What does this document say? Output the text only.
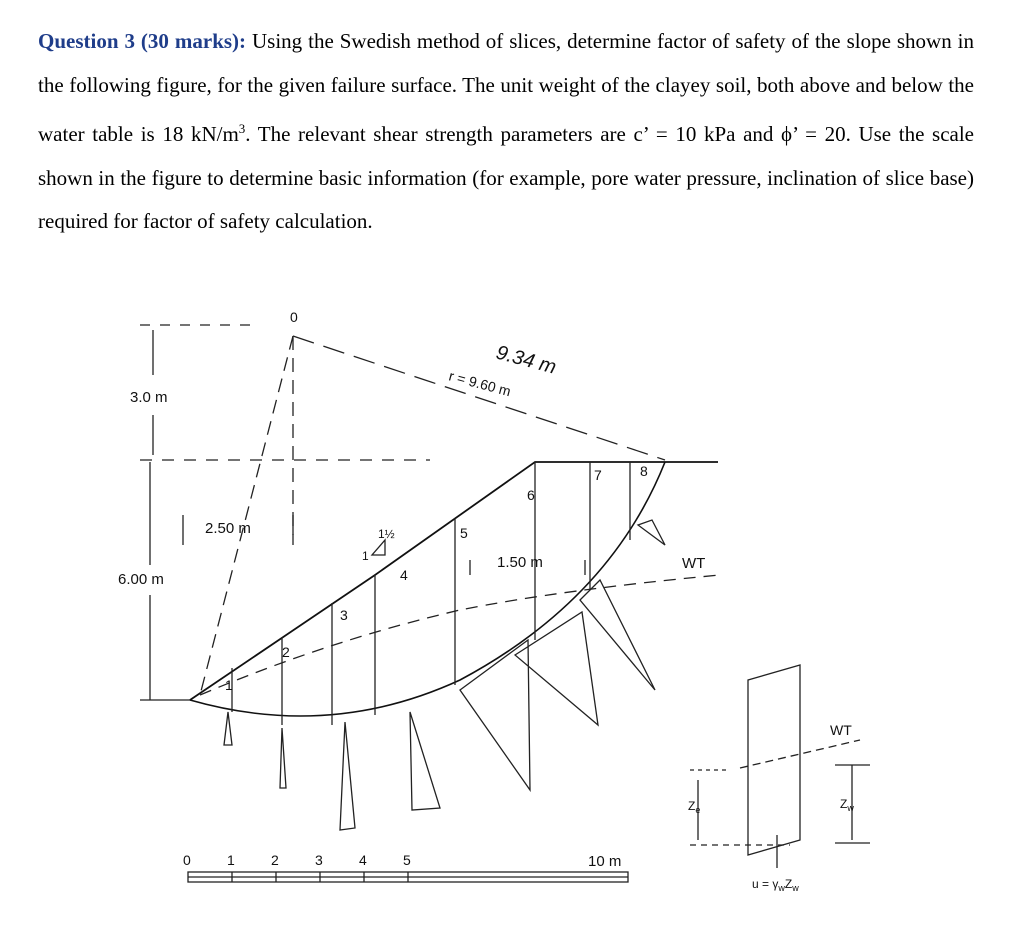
Question 3 (30 marks): Using the Swedish method of slices, determine factor of safety of the slope shown in the following figure, for the given failure surface. The unit weight of the clayey soil, both above and below the water table is 18 $kN/m^3$. The relevant shear strength parameters are c’ = 10 kPa and ϕ’ = 20. Use the scale shown in the figure to determine basic information (for example, pore water pressure, inclination of slice base) required for factor of safety calculation.
0
3.0 m
6.00 m
2.50 m
1.50 m
9.34 m
r = 9.60 m
WT
1½
1
1
2
3
4
5
6
7	8
0	1	2	3	4	5	10 m
WT
$Z_e$	$Z_w$
$u = \gamma_wZ_w$
